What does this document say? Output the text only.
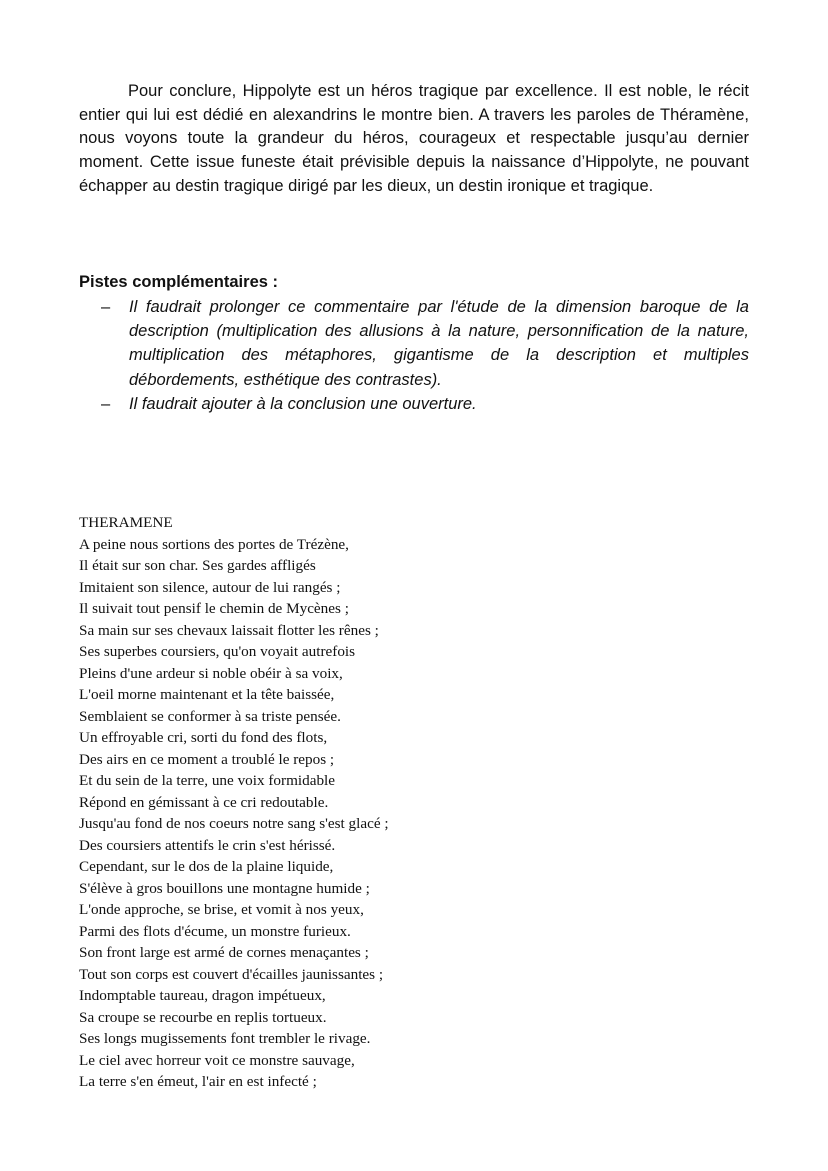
Pour conclure, Hippolyte est un héros tragique par excellence. Il est noble, le récit entier qui lui est dédié en alexandrins le montre bien. A travers les paroles de Théramène, nous voyons toute la grandeur du héros, courageux et respectable jusqu’au dernier moment. Cette issue funeste était prévisible depuis la naissance d’Hippolyte, ne pouvant échapper au destin tragique dirigé par les dieux, un destin ironique et tragique.

Pistes complémentaires :

– Il faudrait prolonger ce commentaire par l'étude de la dimension baroque de la description (multiplication des allusions à la nature, personnification de la nature, multiplication des métaphores, gigantisme de la description et multiples débordements, esthétique des contrastes).
– Il faudrait ajouter à la conclusion une ouverture.
THERAMENE
A peine nous sortions des portes de Trézène,
Il était sur son char. Ses gardes affligés
Imitaient son silence, autour de lui rangés ;
Il suivait tout pensif le chemin de Mycènes ;
Sa main sur ses chevaux laissait flotter les rênes ;
Ses superbes coursiers, qu'on voyait autrefois
Pleins d'une ardeur si noble obéir à sa voix,
L'oeil morne maintenant et la tête baissée,
Semblaient se conformer à sa triste pensée.
Un effroyable cri, sorti du fond des flots,
Des airs en ce moment a troublé le repos ;
Et du sein de la terre, une voix formidable
Répond en gémissant à ce cri redoutable.
Jusqu'au fond de nos coeurs notre sang s'est glacé ;
Des coursiers attentifs le crin s'est hérissé.
Cependant, sur le dos de la plaine liquide,
S'élève à gros bouillons une montagne humide ;
L'onde approche, se brise, et vomit à nos yeux,
Parmi des flots d'écume, un monstre furieux.
Son front large est armé de cornes menaçantes ;
Tout son corps est couvert d'écailles jaunissantes ;
Indomptable taureau, dragon impétueux,
Sa croupe se recourbe en replis tortueux.
Ses longs mugissements font trembler le rivage.
Le ciel avec horreur voit ce monstre sauvage,
La terre s'en émeut, l'air en est infecté ;
